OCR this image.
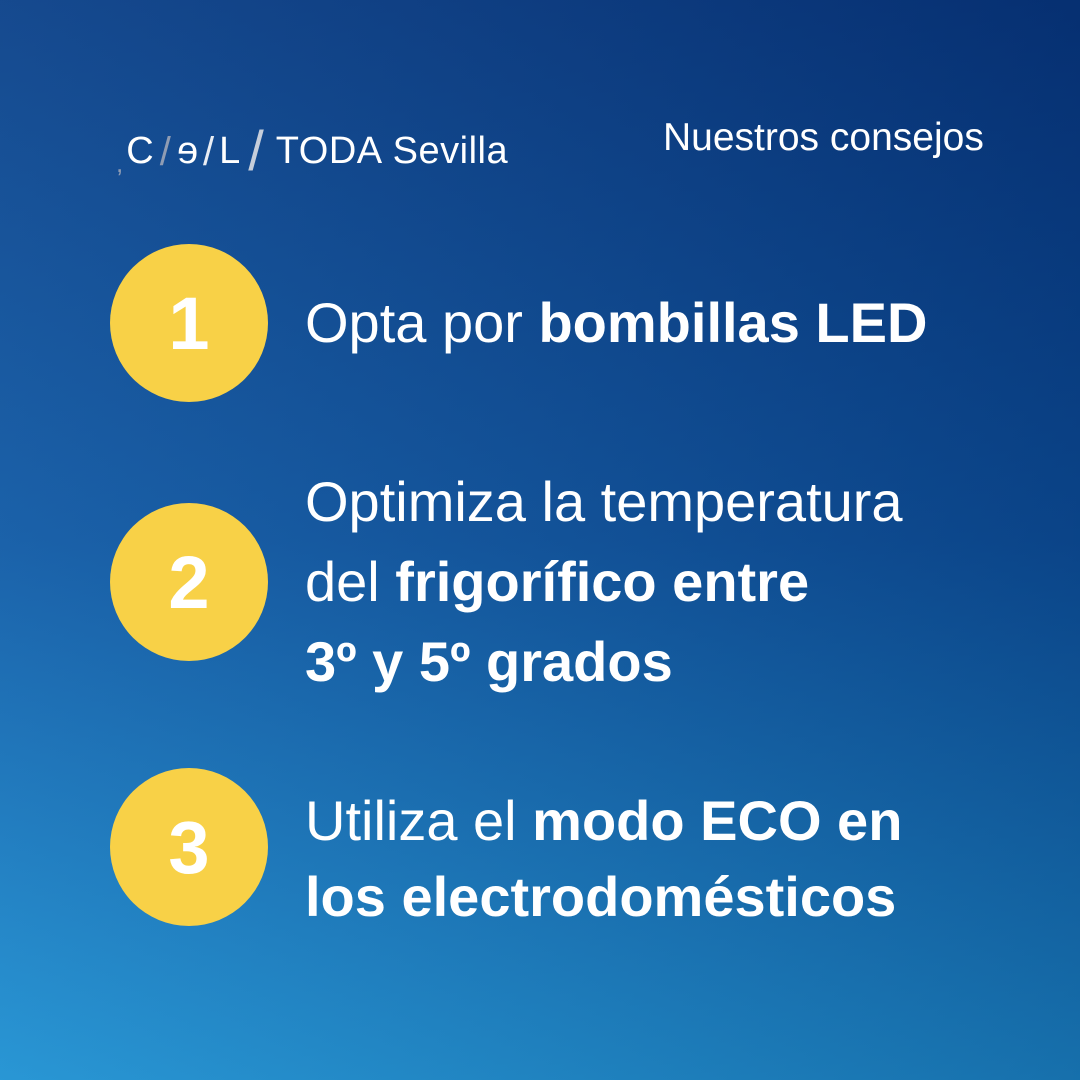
, C / e / L / TODA Sevilla	Nuestros consejos
1 Opta por bombillas LED
2
Optimiza la temperatura
del frigorífico entre
3º y 5º grados
3 Utiliza el modo ECO en
los electrodomésticos
